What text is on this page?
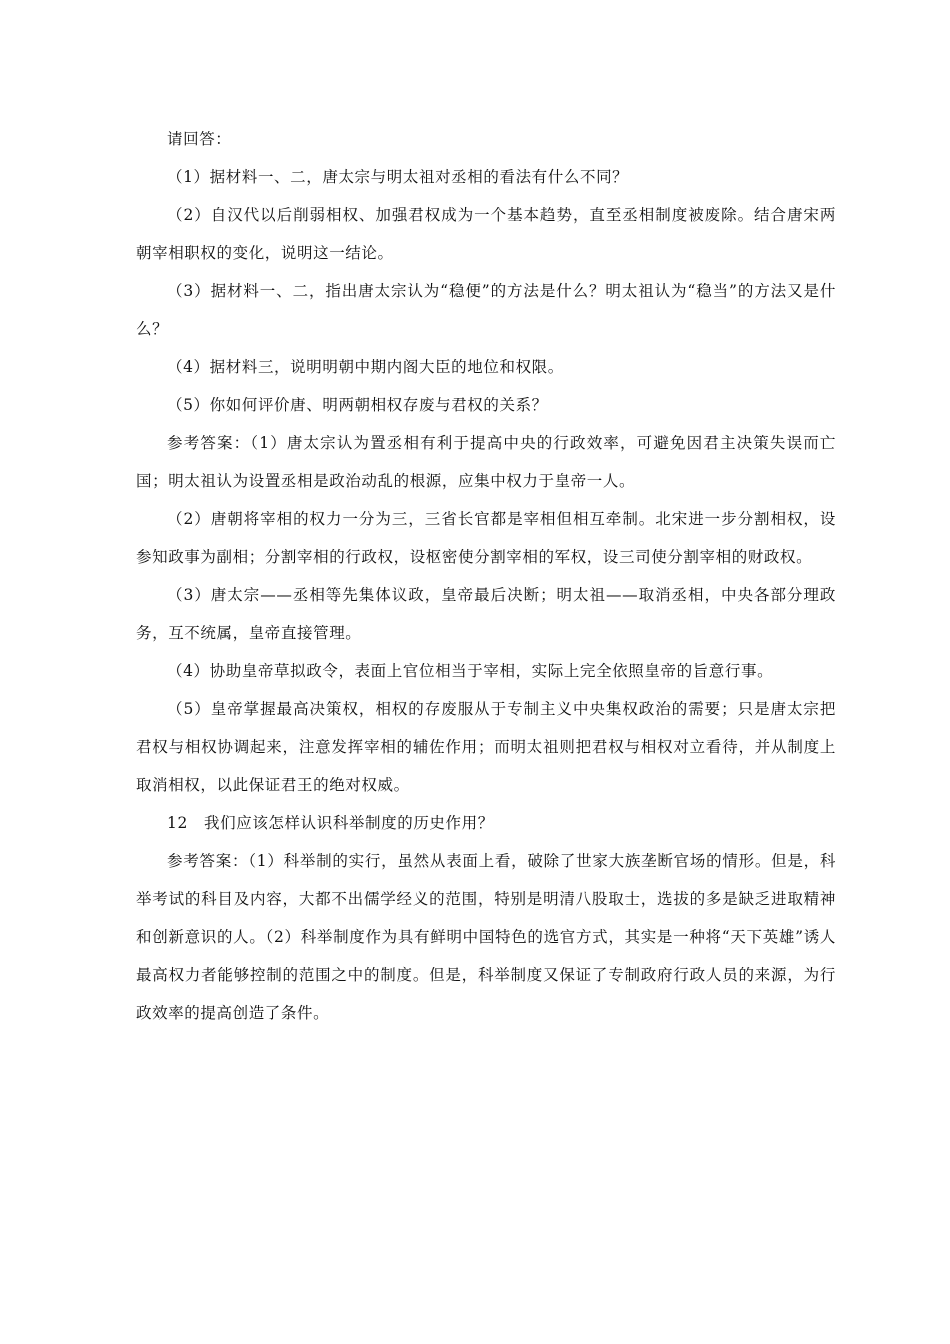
请回答：

（1）据材料一、二，唐太宗与明太祖对丞相的看法有什么不同？

（2）自汉代以后削弱相权、加强君权成为一个基本趋势，直至丞相制度被废除。结合唐宋两朝宰相职权的变化，说明这一结论。

（3）据材料一、二，指出唐太宗认为“稳便”的方法是什么？明太祖认为“稳当”的方法又是什么？

（4）据材料三，说明明朝中期内阁大臣的地位和权限。

（5）你如何评价唐、明两朝相权存废与君权的关系？

参考答案：（1）唐太宗认为置丞相有利于提高中央的行政效率，可避免因君主决策失误而亡国；明太祖认为设置丞相是政治动乱的根源，应集中权力于皇帝一人。

（2）唐朝将宰相的权力一分为三，三省长官都是宰相但相互牵制。北宋进一步分割相权，设参知政事为副相；分割宰相的行政权，设枢密使分割宰相的军权，设三司使分割宰相的财政权。

（3）唐太宗——丞相等先集体议政，皇帝最后决断；明太祖——取消丞相，中央各部分理政务，互不统属，皇帝直接管理。

（4）协助皇帝草拟政令，表面上官位相当于宰相，实际上完全依照皇帝的旨意行事。

（5）皇帝掌握最高决策权，相权的存废服从于专制主义中央集权政治的需要；只是唐太宗把君权与相权协调起来，注意发挥宰相的辅佐作用；而明太祖则把君权与相权对立看待，并从制度上取消相权，以此保证君王的绝对权威。

12　我们应该怎样认识科举制度的历史作用？

参考答案：（1）科举制的实行，虽然从表面上看，破除了世家大族垄断官场的情形。但是，科举考试的科目及内容，大都不出儒学经义的范围，特别是明清八股取士，选拔的多是缺乏进取精神和创新意识的人。（2）科举制度作为具有鲜明中国特色的选官方式，其实是一种将“天下英雄”诱人最高权力者能够控制的范围之中的制度。但是，科举制度又保证了专制政府行政人员的来源，为行政效率的提高创造了条件。
